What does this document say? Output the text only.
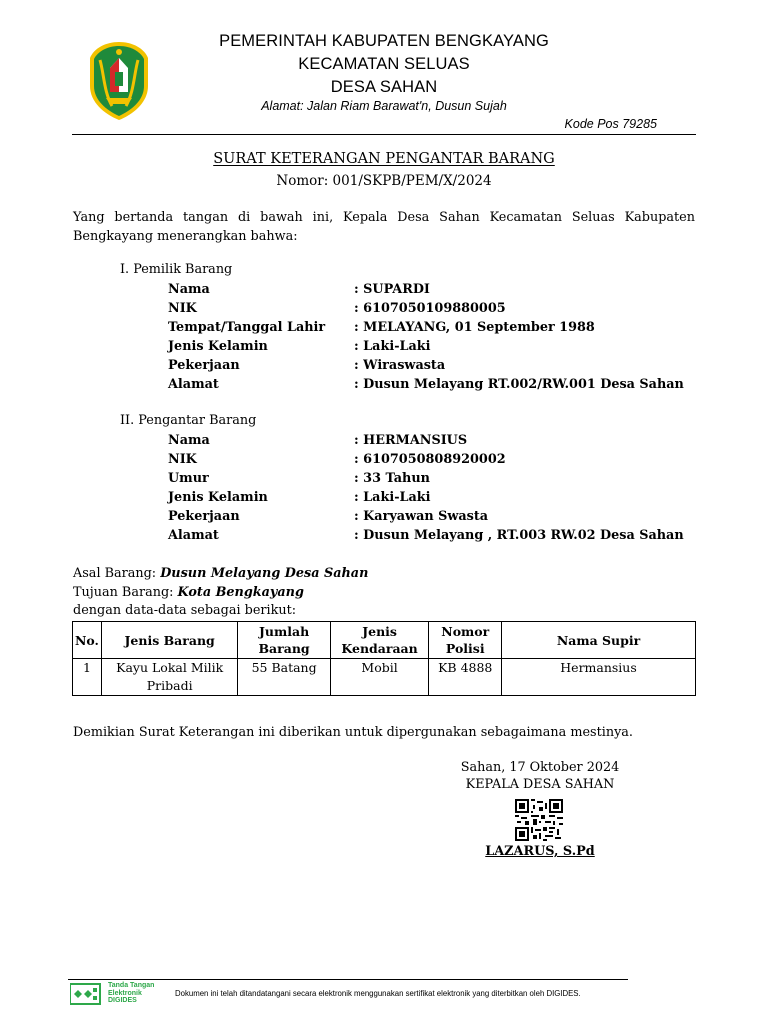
PEMERINTAH KABUPATEN BENGKAYANG
KECAMATAN SELUAS
DESA SAHAN
Alamat: Jalan Riam Barawat'n, Dusun Sujah
Kode Pos 79285
SURAT KETERANGAN PENGANTAR BARANG
Nomor: 001/SKPB/PEM/X/2024
Yang bertanda tangan di bawah ini, Kepala Desa Sahan Kecamatan Seluas Kabupaten Bengkayang menerangkan bahwa:
I. Pemilik Barang
Nama	: SUPARDI
NIK	: 6107050109880005
Tempat/Tanggal Lahir : MELAYANG, 01 September 1988
Jenis Kelamin	: Laki-Laki
Pekerjaan	: Wiraswasta
Alamat	: Dusun Melayang RT.002/RW.001 Desa Sahan
II. Pengantar Barang
Nama	: HERMANSIUS
NIK	: 6107050808920002
Umur	: 33 Tahun
Jenis Kelamin	: Laki-Laki
Pekerjaan	: Karyawan Swasta
Alamat	: Dusun Melayang , RT.003 RW.02 Desa Sahan
Asal Barang: Dusun Melayang Desa Sahan
Tujuan Barang: Kota Bengkayang
dengan data-data sebagai berikut:
No.	Jenis Barang	Jumlah Barang	Jenis Kendaraan	Nomor Polisi	Nama Supir
1	Kayu Lokal Milik Pribadi	55 Batang	Mobil	KB 4888	Hermansius
Demikian Surat Keterangan ini diberikan untuk dipergunakan sebagaimana mestinya.
Sahan, 17 Oktober 2024
KEPALA DESA SAHAN
LAZARUS, S.Pd
Tanda Tangan
Elektronik
DIGIDES
Dokumen ini telah ditandatangani secara elektronik menggunakan sertifikat elektronik yang diterbitkan oleh DIGIDES.
